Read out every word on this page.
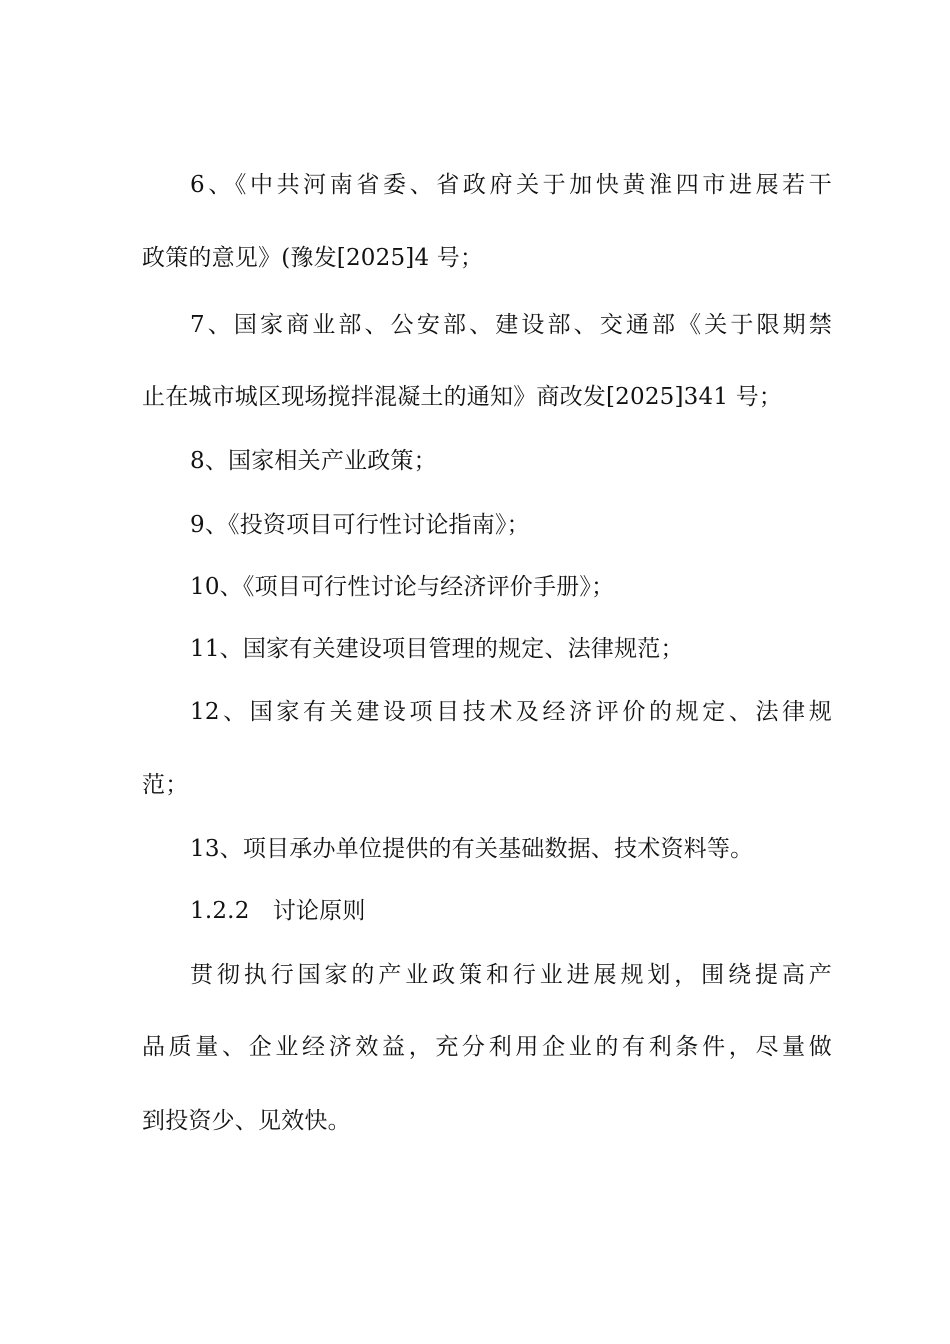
6、《中共河南省委、省政府关于加快黄淮四市进展若干
政策的意见》(豫发[2025]4 号；
7、国家商业部、公安部、建设部、交通部《关于限期禁
止在城市城区现场搅拌混凝土的通知》商改发[2025]341 号；
8、国家相关产业政策；
9、《投资项目可行性讨论指南》；
10、《项目可行性讨论与经济评价手册》；
11、国家有关建设项目管理的规定、法律规范；
12、国家有关建设项目技术及经济评价的规定、法律规
范；
13、项目承办单位提供的有关基础数据、技术资料等。
1.2.2　讨论原则
贯彻执行国家的产业政策和行业进展规划，围绕提高产
品质量、企业经济效益，充分利用企业的有利条件，尽量做
到投资少、见效快。
